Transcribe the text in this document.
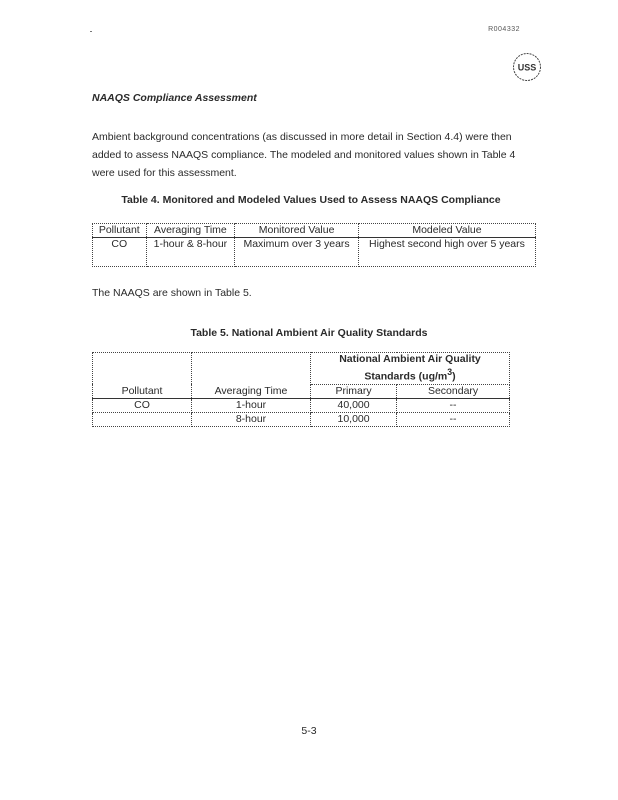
R004332
USS
NAAQS Compliance Assessment
Ambient background concentrations (as discussed in more detail in Section 4.4) were then added to assess NAAQS compliance. The modeled and monitored values shown in Table 4 were used for this assessment.
Table 4. Monitored and Modeled Values Used to Assess NAAQS Compliance
Pollutant	Averaging Time	Monitored Value	Modeled Value
CO	1-hour & 8-hour	Maximum over 3 years	Highest second high over 5 years
The NAAQS are shown in Table 5.
Table 5. National Ambient Air Quality Standards
Pollutant	Averaging Time	National Ambient Air Quality Standards $(ug/m^3)$	
		Primary	Secondary
CO	1-hour	40,000	--
	8-hour	10,000	--
5-3
